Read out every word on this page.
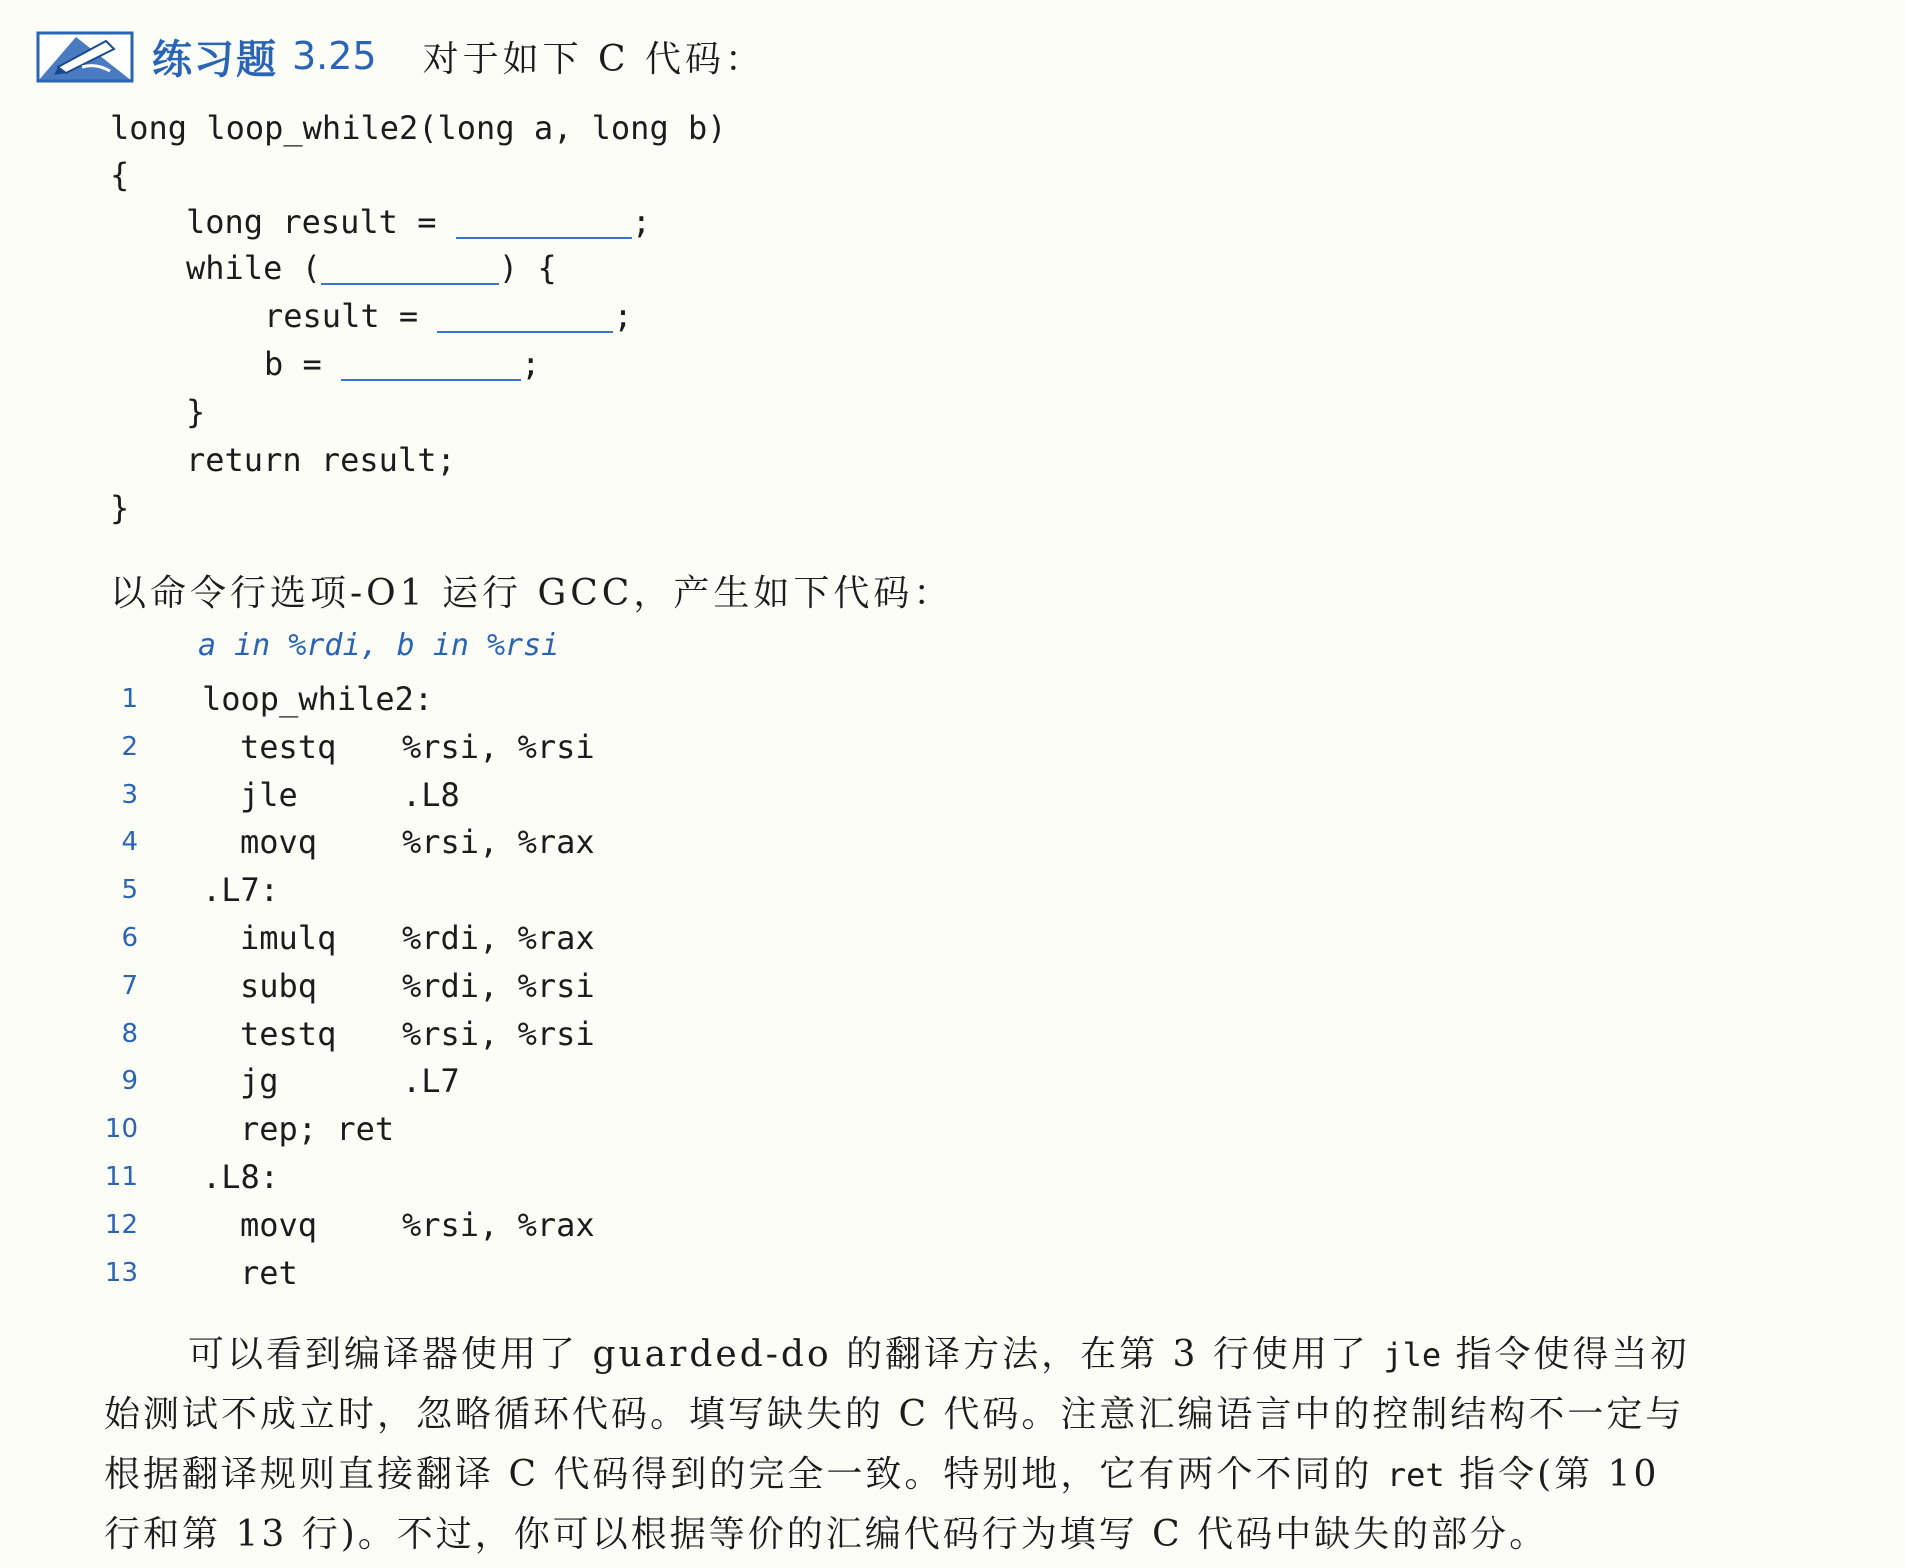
练习题 3.25 对于如下 C 代码：
long loop_while2(long a, long b)
{
long result =	;
while (	) {
result =	;
b =	;
}
return result;
}
以命令行选项-O1 运行 GCC，产生如下代码：
a in %rdi, b in %rsi
1 loop_while2:
2	testq %rsi, %rsi
3	jle	.L8
4	movq	%rsi, %rax
5 .L7:
6	imulq %rdi, %rax
7	subq	%rdi, %rsi
8	testq %rsi, %rsi
9	jg	.L7
10	rep; ret
11 .L8:
12	movq	%rsi, %rax
13	ret

可以看到编译器使用了 guarded-do 的翻译方法，在第 3 行使用了 jle 指令使得当初始测试不成立时，忽略循环代码。填写缺失的 C 代码。注意汇编语言中的控制结构不一定与根据翻译规则直接翻译 C 代码得到的完全一致。特别地，它有两个不同的 ret 指令(第 10 行和第 13 行)。不过，你可以根据等价的汇编代码行为填写 C 代码中缺失的部分。
